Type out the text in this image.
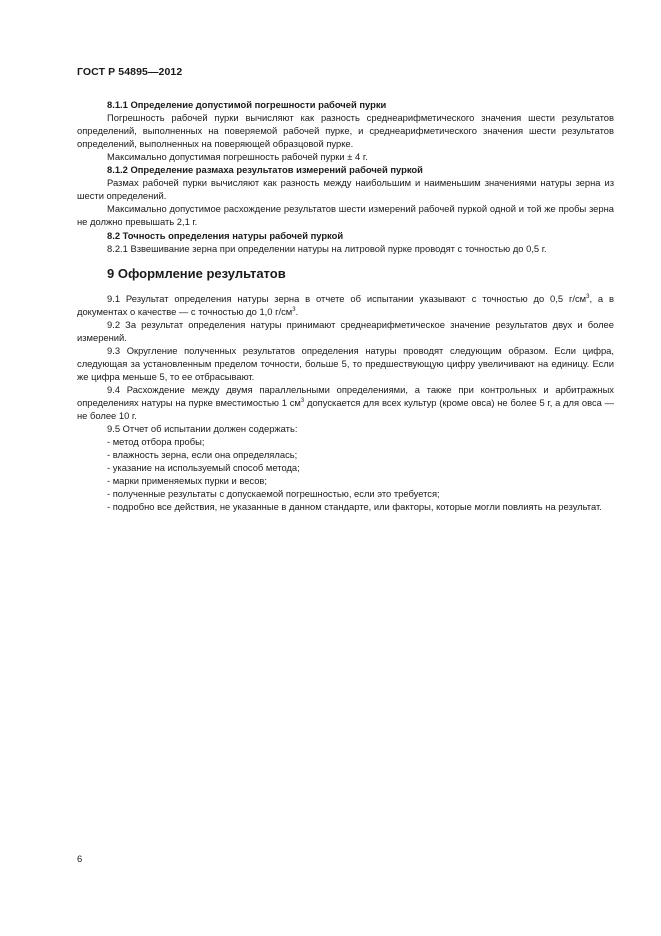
ГОСТ Р 54895—2012

8.1.1 Определение допустимой погрешности рабочей пурки

Погрешность рабочей пурки вычисляют как разность среднеарифметического значения шести результатов определений, выполненных на поверяемой рабочей пурке, и среднеарифметического значения шести результатов определений, выполненных на поверяющей образцовой пурке.

Максимально допустимая погрешность рабочей пурки ± 4 г.

8.1.2 Определение размаха результатов измерений рабочей пуркой

Размах рабочей пурки вычисляют как разность между наибольшим и наименьшим значениями натуры зерна из шести определений.

Максимально допустимое расхождение результатов шести измерений рабочей пуркой одной и той же пробы зерна не должно превышать 2,1 г.

8.2 Точность определения натуры рабочей пуркой

8.2.1 Взвешивание зерна при определении натуры на литровой пурке проводят с точностью до 0,5 г.

9 Оформление результатов

9.1 Результат определения натуры зерна в отчете об испытании указывают с точностью до 0,5 $г/см^3$, а в документах о качестве — с точностью до 1,0 $г/см^3$.

9.2 За результат определения натуры принимают среднеарифметическое значение результатов двух и более измерений.

9.3 Округление полученных результатов определения натуры проводят следующим образом. Если цифра, следующая за установленным пределом точности, больше 5, то предшествующую цифру увеличивают на единицу. Если же цифра меньше 5, то ее отбрасывают.

9.4 Расхождение между двумя параллельными определениями, а также при контрольных и арбитражных определениях натуры на пурке вместимостью 1 $см^3$ допускается для всех культур (кроме овса) не более 5 г, а для овса — не более 10 г.

9.5 Отчет об испытании должен содержать:

- метод отбора пробы;

- влажность зерна, если она определялась;

- указание на используемый способ метода;

- марки применяемых пурки и весов;

- полученные результаты с допускаемой погрешностью, если это требуется;

- подробно все действия, не указанные в данном стандарте, или факторы, которые могли повлиять на результат.

6
